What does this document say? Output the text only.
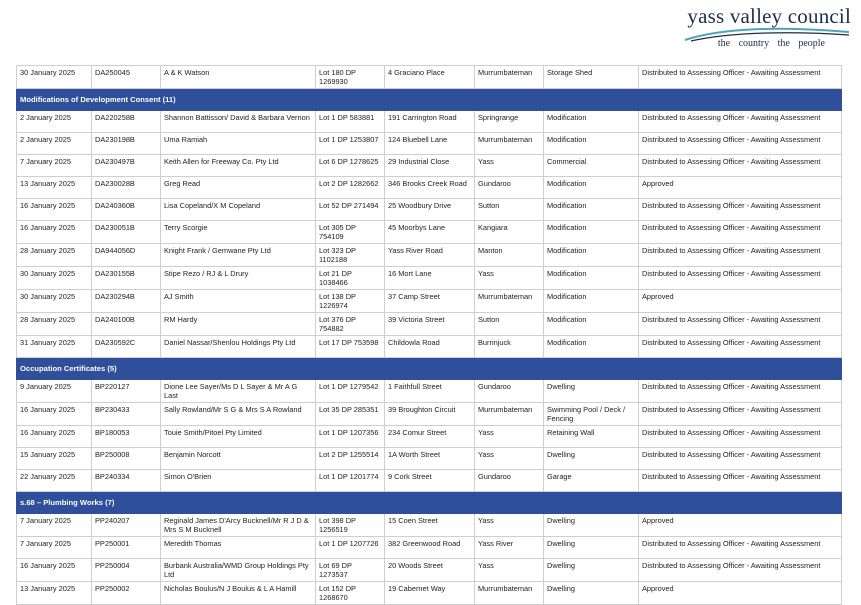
yass valley council
the country the people
30 January 2025	DA250045	A & K Watson	Lot 180 DP 1269930	4 Graciano Place	Murrumbateman	Storage Shed	Distributed to Assessing Officer - Awaiting Assessment
Modifications of Development Consent (11)							
2 January 2025	DA220258B	Shannon Battisson/ David & Barbara Vernon	Lot 1 DP 583881	191 Carrington Road	Springrange	Modification	Distributed to Assessing Officer - Awaiting Assessment
2 January 2025	DA230198B	Uma Ramiah	Lot 1 DP 1253807	124 Bluebell Lane	Murrumbateman	Modification	Distributed to Assessing Officer - Awaiting Assessment
7 January 2025	DA230497B	Keith Allen for Freeway Co. Pty Ltd	Lot 6 DP 1278625	29 Industrial Close	Yass	Commercial	Distributed to Assessing Officer - Awaiting Assessment
13 January 2025	DA230028B	Greg Read	Lot 2 DP 1282662	346 Brooks Creek Road	Gundaroo	Modification	Approved
16 January 2025	DA240360B	Lisa Copeland/X M Copeland	Lot 52 DP 271494	25 Woodbury Drive	Sutton	Modification	Distributed to Assessing Officer - Awaiting Assessment
16 January 2025	DA230051B	Terry Scorgie	Lot 305 DP 754109	45 Moorbys Lane	Kangiara	Modification	Distributed to Assessing Officer - Awaiting Assessment
28 January 2025	DA944056D	Knight Frank / Gemwane Pty Ltd	Lot 323 DP 1102188	Yass River Road	Manton	Modification	Distributed to Assessing Officer - Awaiting Assessment
30 January 2025	DA230155B	Stipe Rezo / RJ & L Drury	Lot 21 DP 1038466	16 Mort Lane	Yass	Modification	Distributed to Assessing Officer - Awaiting Assessment
30 January 2025	DA230294B	AJ Smith	Lot 138 DP 1226974	37 Camp Street	Murrumbateman	Modification	Approved
28 January 2025	DA240100B	RM Hardy	Lot 376 DP 754882	39 Victoria Street	Sutton	Modification	Distributed to Assessing Officer - Awaiting Assessment
31 January 2025	DA230592C	Daniel Nassar/Shenlou Holdings Pty Ltd	Lot 17 DP 753598	Childowla Road	Burrinjuck	Modification	Distributed to Assessing Officer - Awaiting Assessment
Occupation Certificates (5)							
9 January 2025	BP220127	Dione Lee Sayer/Ms D L Sayer & Mr A G Last	Lot 1 DP 1279542	1 Faithfull Street	Gundaroo	Dwelling	Distributed to Assessing Officer - Awaiting Assessment
16 January 2025	BP230433	Sally Rowland/Mr S G & Mrs S A Rowland	Lot 35 DP 285351	39 Broughton Circuit	Murrumbateman	Swimming Pool / Deck / Fencing	Distributed to Assessing Officer - Awaiting Assessment
16 January 2025	BP180053	Touie Smith/Pitoel Pty Limited	Lot 1 DP 1207356	234 Comur Street	Yass	Retaining Wall	Distributed to Assessing Officer - Awaiting Assessment
15 January 2025	BP250008	Benjamin Norcott	Lot 2 DP 1255514	1A Worth Street	Yass	Dwelling	Distributed to Assessing Officer - Awaiting Assessment
22 January 2025	BP240334	Simon O'Brien	Lot 1 DP 1201774	9 Cork Street	Gundaroo	Garage	Distributed to Assessing Officer - Awaiting Assessment
s.68 – Plumbing Works (7)							
7 January 2025	PP240207	Reginald James D'Arcy Bucknell/Mr R J D & Mrs S M Bucknell	Lot 398 DP 1256519	15 Coen Street	Yass	Dwelling	Approved
7 January 2025	PP250001	Meredith Thomas	Lot 1 DP 1207726	382 Greenwood Road	Yass River	Dwelling	Distributed to Assessing Officer - Awaiting Assessment
16 January 2025	PP250004	Burbank Australia/WMD Group Holdings Pty Ltd	Lot 69 DP 1273537	20 Woods Street	Yass	Dwelling	Distributed to Assessing Officer - Awaiting Assessment
13 January 2025	PP250002	Nicholas Boulus/N J Boulus & L A Hamill	Lot 152 DP 1268670	19 Cabernet Way	Murrumbateman	Dwelling	Approved
